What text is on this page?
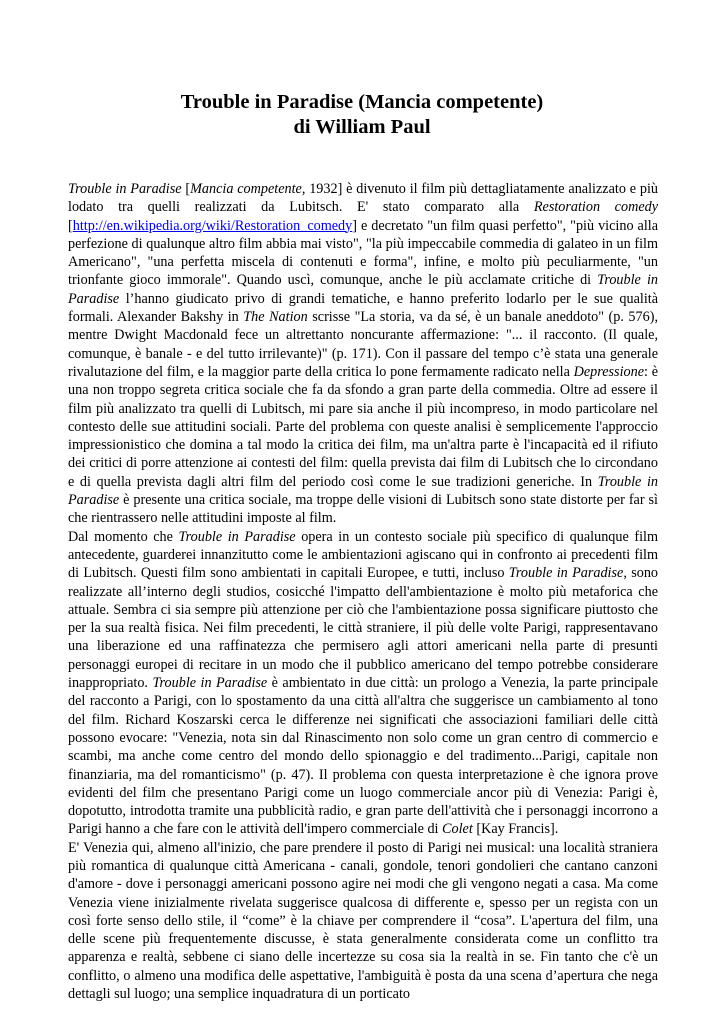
Trouble in Paradise (Mancia competente)
di William Paul

Trouble in Paradise [Mancia competente, 1932] è divenuto il film più dettagliatamente analizzato e più lodato tra quelli realizzati da Lubitsch. E' stato comparato alla Restoration comedy [http://en.wikipedia.org/wiki/Restoration_comedy] e decretato "un film quasi perfetto", "più vicino alla perfezione di qualunque altro film abbia mai visto", "la più impeccabile commedia di galateo in un film Americano", "una perfetta miscela di contenuti e forma", infine, e molto più peculiarmente, "un trionfante gioco immorale". Quando uscì, comunque, anche le più acclamate critiche di Trouble in Paradise l’hanno giudicato privo di grandi tematiche, e hanno preferito lodarlo per le sue qualità formali. Alexander Bakshy in The Nation scrisse "La storia, va da sé, è un banale aneddoto" (p. 576), mentre Dwight Macdonald fece un altrettanto noncurante affermazione: "... il racconto. (Il quale, comunque, è banale - e del tutto irrilevante)" (p. 171). Con il passare del tempo c’è stata una generale rivalutazione del film, e la maggior parte della critica lo pone fermamente radicato nella Depressione: è una non troppo segreta critica sociale che fa da sfondo a gran parte della commedia. Oltre ad essere il film più analizzato tra quelli di Lubitsch, mi pare sia anche il più incompreso, in modo particolare nel contesto delle sue attitudini sociali. Parte del problema con queste analisi è semplicemente l'approccio impressionistico che domina a tal modo la critica dei film, ma un'altra parte è l'incapacità ed il rifiuto dei critici di porre attenzione ai contesti del film: quella prevista dai film di Lubitsch che lo circondano e di quella prevista dagli altri film del periodo così come le sue tradizioni generiche. In Trouble in Paradise è presente una critica sociale, ma troppe delle visioni di Lubitsch sono state distorte per far sì che rientrassero nelle attitudini imposte al film.

Dal momento che Trouble in Paradise opera in un contesto sociale più specifico di qualunque film antecedente, guarderei innanzitutto come le ambientazioni agiscano qui in confronto ai precedenti film di Lubitsch. Questi film sono ambientati in capitali Europee, e tutti, incluso Trouble in Paradise, sono realizzate all’interno degli studios, cosicché l'impatto dell'ambientazione è molto più metaforica che attuale. Sembra ci sia sempre più attenzione per ciò che l'ambientazione possa significare piuttosto che per la sua realtà fisica. Nei film precedenti, le città straniere, il più delle volte Parigi, rappresentavano una liberazione ed una raffinatezza che permisero agli attori americani nella parte di presunti personaggi europei di recitare in un modo che il pubblico americano del tempo potrebbe considerare inappropriato. Trouble in Paradise è ambientato in due città: un prologo a Venezia, la parte principale del racconto a Parigi, con lo spostamento da una città all'altra che suggerisce un cambiamento al tono del film. Richard Koszarski cerca le differenze nei significati che associazioni familiari delle città possono evocare: "Venezia, nota sin dal Rinascimento non solo come un gran centro di commercio e scambi, ma anche come centro del mondo dello spionaggio e del tradimento...Parigi, capitale non finanziaria, ma del romanticismo" (p. 47). Il problema con questa interpretazione è che ignora prove evidenti del film che presentano Parigi come un luogo commerciale ancor più di Venezia: Parigi è, dopotutto, introdotta tramite una pubblicità radio, e gran parte dell'attività che i personaggi incorrono a Parigi hanno a che fare con le attività dell'impero commerciale di Colet [Kay Francis].

E' Venezia qui, almeno all'inizio, che pare prendere il posto di Parigi nei musical: una località straniera più romantica di qualunque città Americana - canali, gondole, tenori gondolieri che cantano canzoni d'amore - dove i personaggi americani possono agire nei modi che gli vengono negati a casa. Ma come Venezia viene inizialmente rivelata suggerisce qualcosa di differente e, spesso per un regista con un così forte senso dello stile, il “come” è la chiave per comprendere il “cosa”. L'apertura del film, una delle scene più frequentemente discusse, è stata generalmente considerata come un conflitto tra apparenza e realtà, sebbene ci siano delle incertezze su cosa sia la realtà in se. Fin tanto che c'è un conflitto, o almeno una modifica delle aspettative, l'ambiguità è posta da una scena d’apertura che nega dettagli sul luogo; una semplice inquadratura di un porticato
